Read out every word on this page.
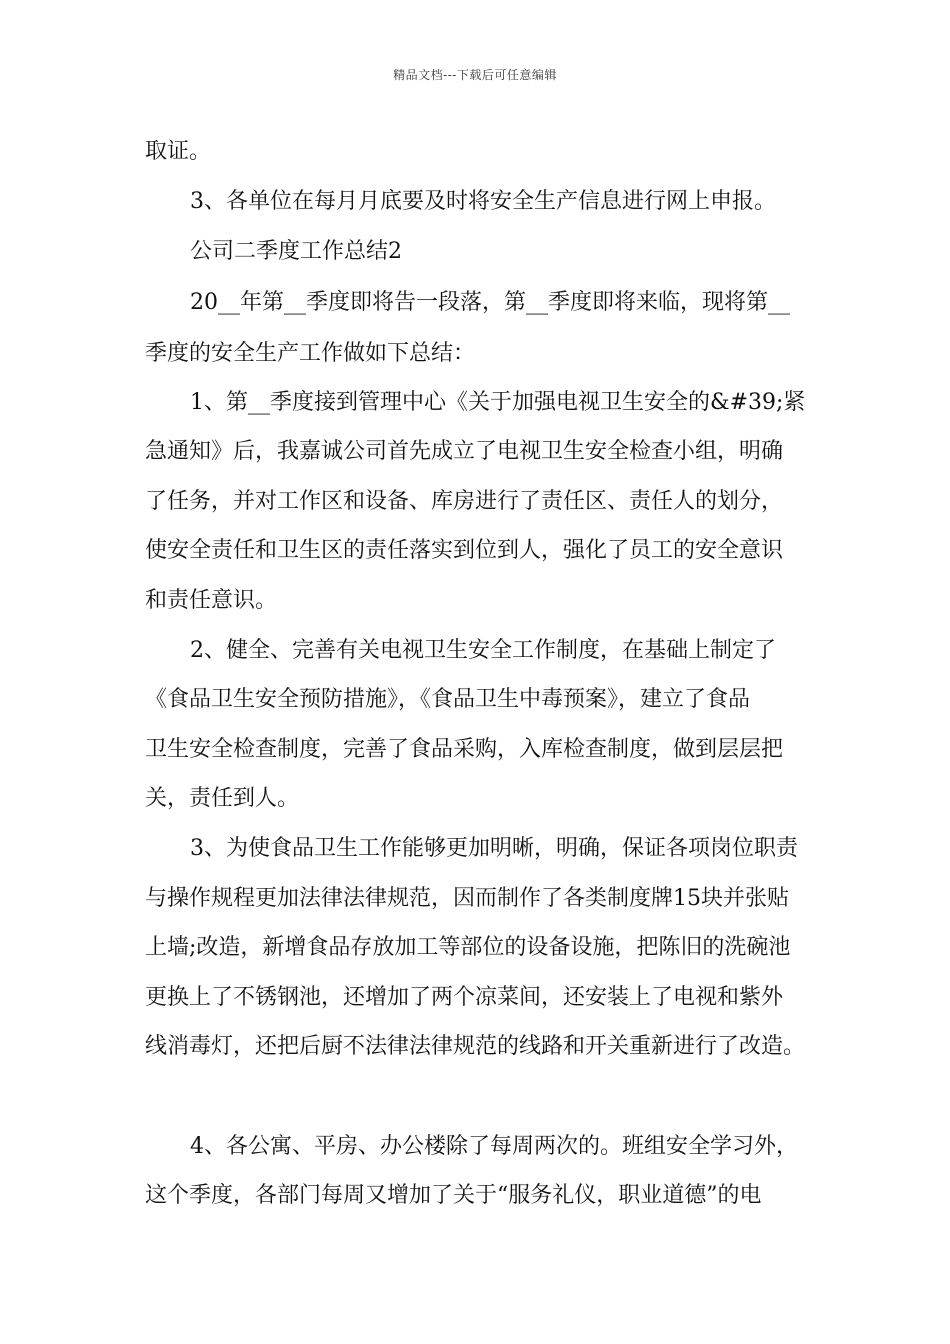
精品文档---下载后可任意编辑
取证。
3、各单位在每月月底要及时将安全生产信息进行网上申报。
公司二季度工作总结2
20__年第__季度即将告一段落，第__季度即将来临，现将第__
季度的安全生产工作做如下总结：
1、第__季度接到管理中心《关于加强电视卫生安全的&#39;紧
急通知》后，我嘉诚公司首先成立了电视卫生安全检查小组，明确
了任务，并对工作区和设备、库房进行了责任区、责任人的划分，
使安全责任和卫生区的责任落实到位到人，强化了员工的安全意识
和责任意识。
2、健全、完善有关电视卫生安全工作制度，在基础上制定了
《食品卫生安全预防措施》，《食品卫生中毒预案》，建立了食品
卫生安全检查制度，完善了食品采购，入库检查制度，做到层层把
关，责任到人。
3、为使食品卫生工作能够更加明晰，明确，保证各项岗位职责
与操作规程更加法律法律规范，因而制作了各类制度牌15块并张贴
上墙;改造，新增食品存放加工等部位的设备设施，把陈旧的洗碗池
更换上了不锈钢池，还增加了两个凉菜间，还安装上了电视和紫外
线消毒灯，还把后厨不法律法律规范的线路和开关重新进行了改造。
4、各公寓、平房、办公楼除了每周两次的。班组安全学习外，
这个季度，各部门每周又增加了关于“服务礼仪，职业道德”的电
